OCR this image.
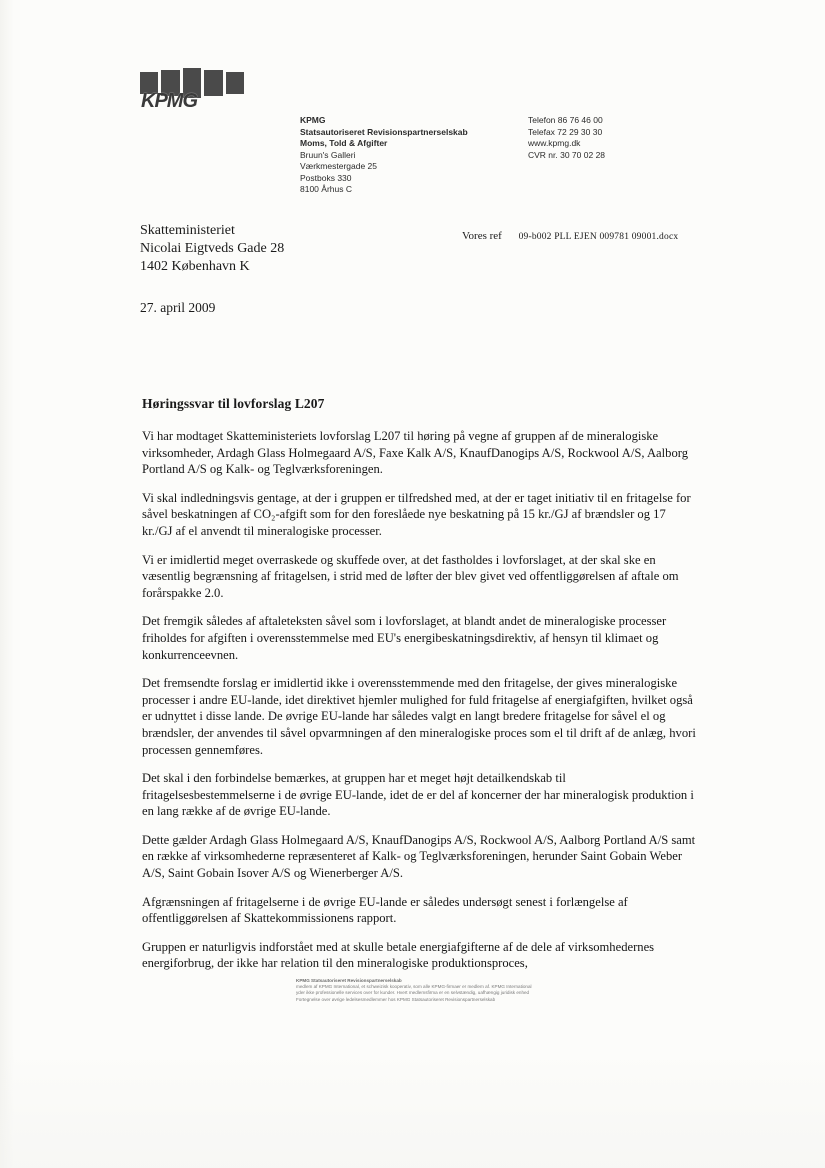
KPMG
KPMG
Statsautoriseret Revisionspartnerselskab
Moms, Told & Afgifter
Bruun's Galleri
Værkmestergade 25
Postboks 330
8100 Århus C
Telefon 86 76 46 00
Telefax 72 29 30 30
www.kpmg.dk
CVR nr. 30 70 02 28
Skatteministeriet
Nicolai Eigtveds Gade 28
1402 København K
Vores ref 09-b002 PLL EJEN 009781 09001.docx
27. april 2009
Høringssvar til lovforslag L207

Vi har modtaget Skatteministeriets lovforslag L207 til høring på vegne af gruppen af de mineralogiske virksomheder, Ardagh Glass Holmegaard A/S, Faxe Kalk A/S, KnaufDanogips A/S, Rockwool A/S, Aalborg Portland A/S og Kalk- og Teglværksforeningen.

Vi skal indledningsvis gentage, at der i gruppen er tilfredshed med, at der er taget initiativ til en fritagelse for såvel beskatningen af CO₂-afgift som for den foreslåede nye beskatning på 15 kr./GJ af brændsler og 17 kr./GJ af el anvendt til mineralogiske processer.

Vi er imidlertid meget overraskede og skuffede over, at det fastholdes i lovforslaget, at der skal ske en væsentlig begrænsning af fritagelsen, i strid med de løfter der blev givet ved offentliggørelsen af aftale om forårspakke 2.0.

Det fremgik således af aftaleteksten såvel som i lovforslaget, at blandt andet de mineralogiske processer friholdes for afgiften i overensstemmelse med EU's energibeskatningsdirektiv, af hensyn til klimaet og konkurrenceevnen.

Det fremsendte forslag er imidlertid ikke i overensstemmende med den fritagelse, der gives mineralogiske processer i andre EU-lande, idet direktivet hjemler mulighed for fuld fritagelse af energiafgiften, hvilket også er udnyttet i disse lande. De øvrige EU-lande har således valgt en langt bredere fritagelse for såvel el og brændsler, der anvendes til såvel opvarmningen af den mineralogiske proces som el til drift af de anlæg, hvori processen gennemføres.

Det skal i den forbindelse bemærkes, at gruppen har et meget højt detailkendskab til fritagelsesbestemmelserne i de øvrige EU-lande, idet de er del af koncerner der har mineralogisk produktion i en lang række af de øvrige EU-lande.

Dette gælder Ardagh Glass Holmegaard A/S, KnaufDanogips A/S, Rockwool A/S, Aalborg Portland A/S samt en række af virksomhederne repræsenteret af Kalk- og Teglværksforeningen, herunder Saint Gobain Weber A/S, Saint Gobain Isover A/S og Wienerberger A/S.

Afgrænsningen af fritagelserne i de øvrige EU-lande er således undersøgt senest i forlængelse af offentliggørelsen af Skattekommissionens rapport.

Gruppen er naturligvis indforstået med at skulle betale energiafgifterne af de dele af virksomhedernes energiforbrug, der ikke har relation til den mineralogiske produktionsproces,

KPMG Statsautoriseret Revisionspartnerselskab
medlem af KPMG International, et schweizisk kooperativ, som alle KPMG-firmaer er medlem af. KPMG International
yder ikke professionelle services over for kunder. Hvert medlemsfirma er en selvstændig, uafhængig juridisk enhed
Fortegnelse over øvrige ledelsesmedlemmer hos KPMG Statsautoriseret Revisionspartnerselskab
